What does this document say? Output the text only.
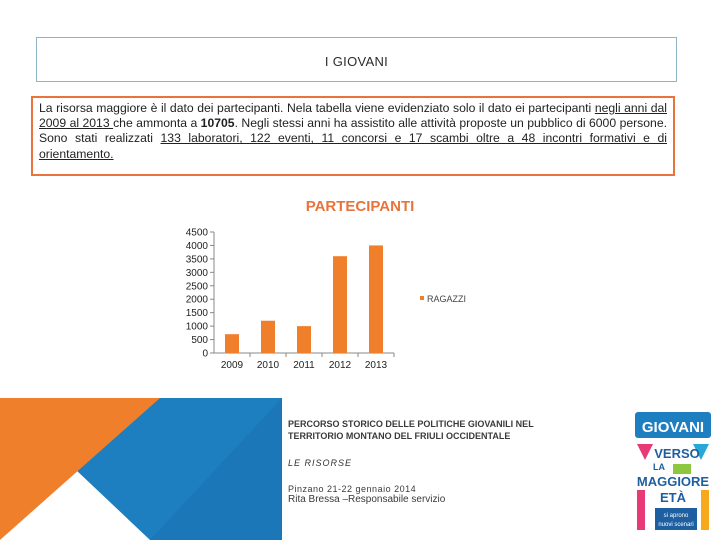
I GIOVANI
La risorsa maggiore è il dato dei partecipanti. Nela tabella viene evidenziato solo il dato ei partecipanti negli anni dal 2009 al 2013 che ammonta a 10705. Negli stessi anni ha assistito alle attività proposte un pubblico di 6000 persone. Sono stati realizzati 133 laboratori, 122 eventi, 11 concorsi e 17 scambi oltre a 48 incontri formativi e di orientamento.
PARTECIPANTI
4500
4000
3500
3000
2500
2000
1500
1000
500
0
2009 2010 2011 2012 2013
RAGAZZI
PERCORSO STORICO DELLE POLITICHE GIOVANILI NEL
TERRITORIO MONTANO DEL FRIULI OCCIDENTALE
LE RISORSE
Pinzano 21-22 gennaio 2014
Rita Bressa –Responsabile servizio
GIOVANI
VERSO
LA
MAGGIORE
ETÀ
si aprono
nuovi scenari
